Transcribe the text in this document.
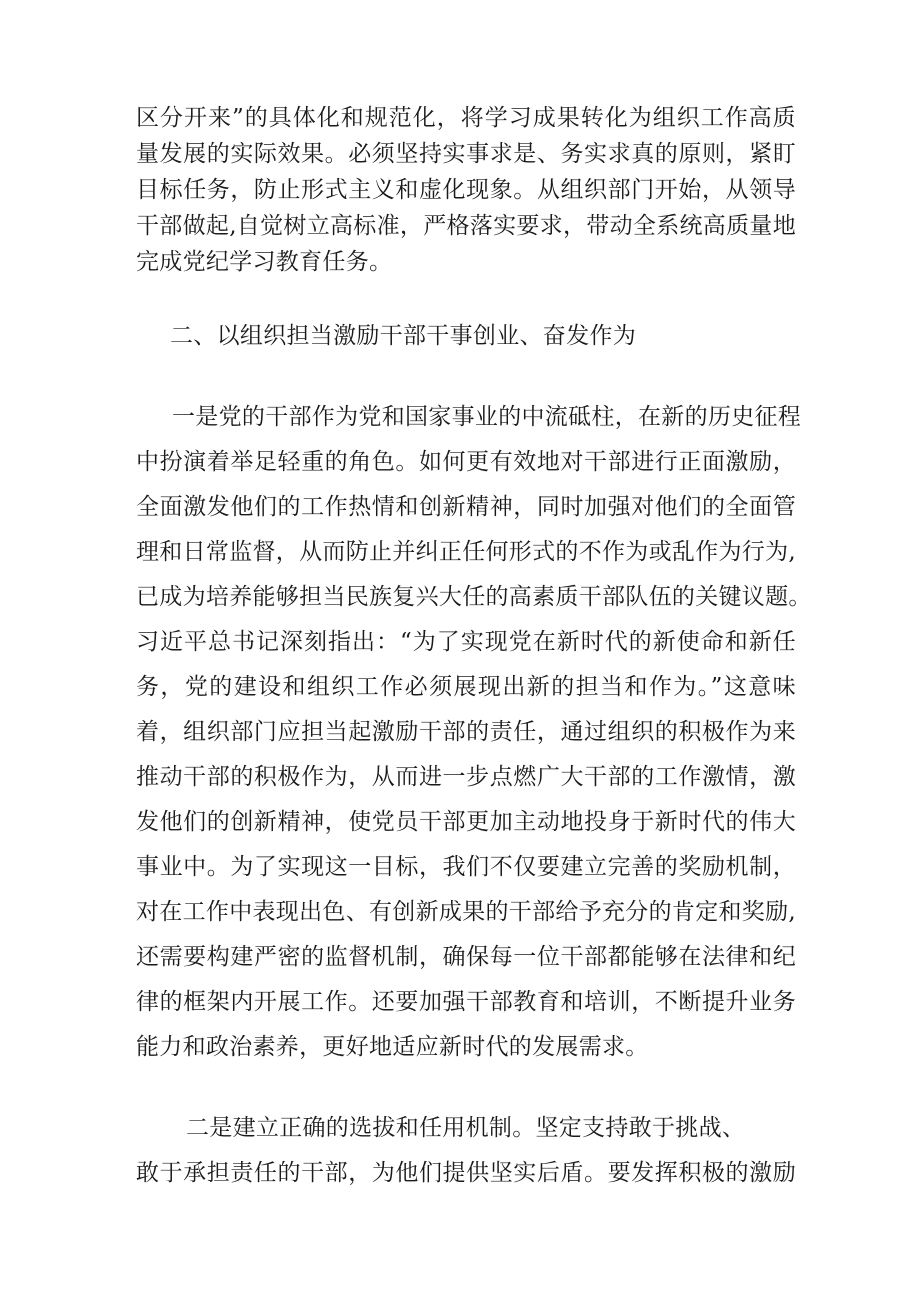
区分开来”的具体化和规范化，将学习成果转化为组织工作高质
量发展的实际效果。必须坚持实事求是、务实求真的原则，紧盯
目标任务，防止形式主义和虚化现象。从组织部门开始，从领导
干部做起,自觉树立高标准，严格落实要求，带动全系统高质量地
完成党纪学习教育任务。
二、以组织担当激励干部干事创业、奋发作为
一是党的干部作为党和国家事业的中流砥柱，在新的历史征程
中扮演着举足轻重的角色。如何更有效地对干部进行正面激励，
全面激发他们的工作热情和创新精神，同时加强对他们的全面管
理和日常监督，从而防止并纠正任何形式的不作为或乱作为行为,
已成为培养能够担当民族复兴大任的高素质干部队伍的关键议题。
习近平总书记深刻指出：“为了实现党在新时代的新使命和新任
务，党的建设和组织工作必须展现出新的担当和作为。”这意味
着，组织部门应担当起激励干部的责任，通过组织的积极作为来
推动干部的积极作为，从而进一步点燃广大干部的工作激情，激
发他们的创新精神，使党员干部更加主动地投身于新时代的伟大
事业中。为了实现这一目标，我们不仅要建立完善的奖励机制，
对在工作中表现出色、有创新成果的干部给予充分的肯定和奖励,
还需要构建严密的监督机制，确保每一位干部都能够在法律和纪
律的框架内开展工作。还要加强干部教育和培训，不断提升业务
能力和政治素养，更好地适应新时代的发展需求。
二是建立正确的选拔和任用机制。坚定支持敢于挑战、
敢于承担责任的干部，为他们提供坚实后盾。要发挥积极的激励
